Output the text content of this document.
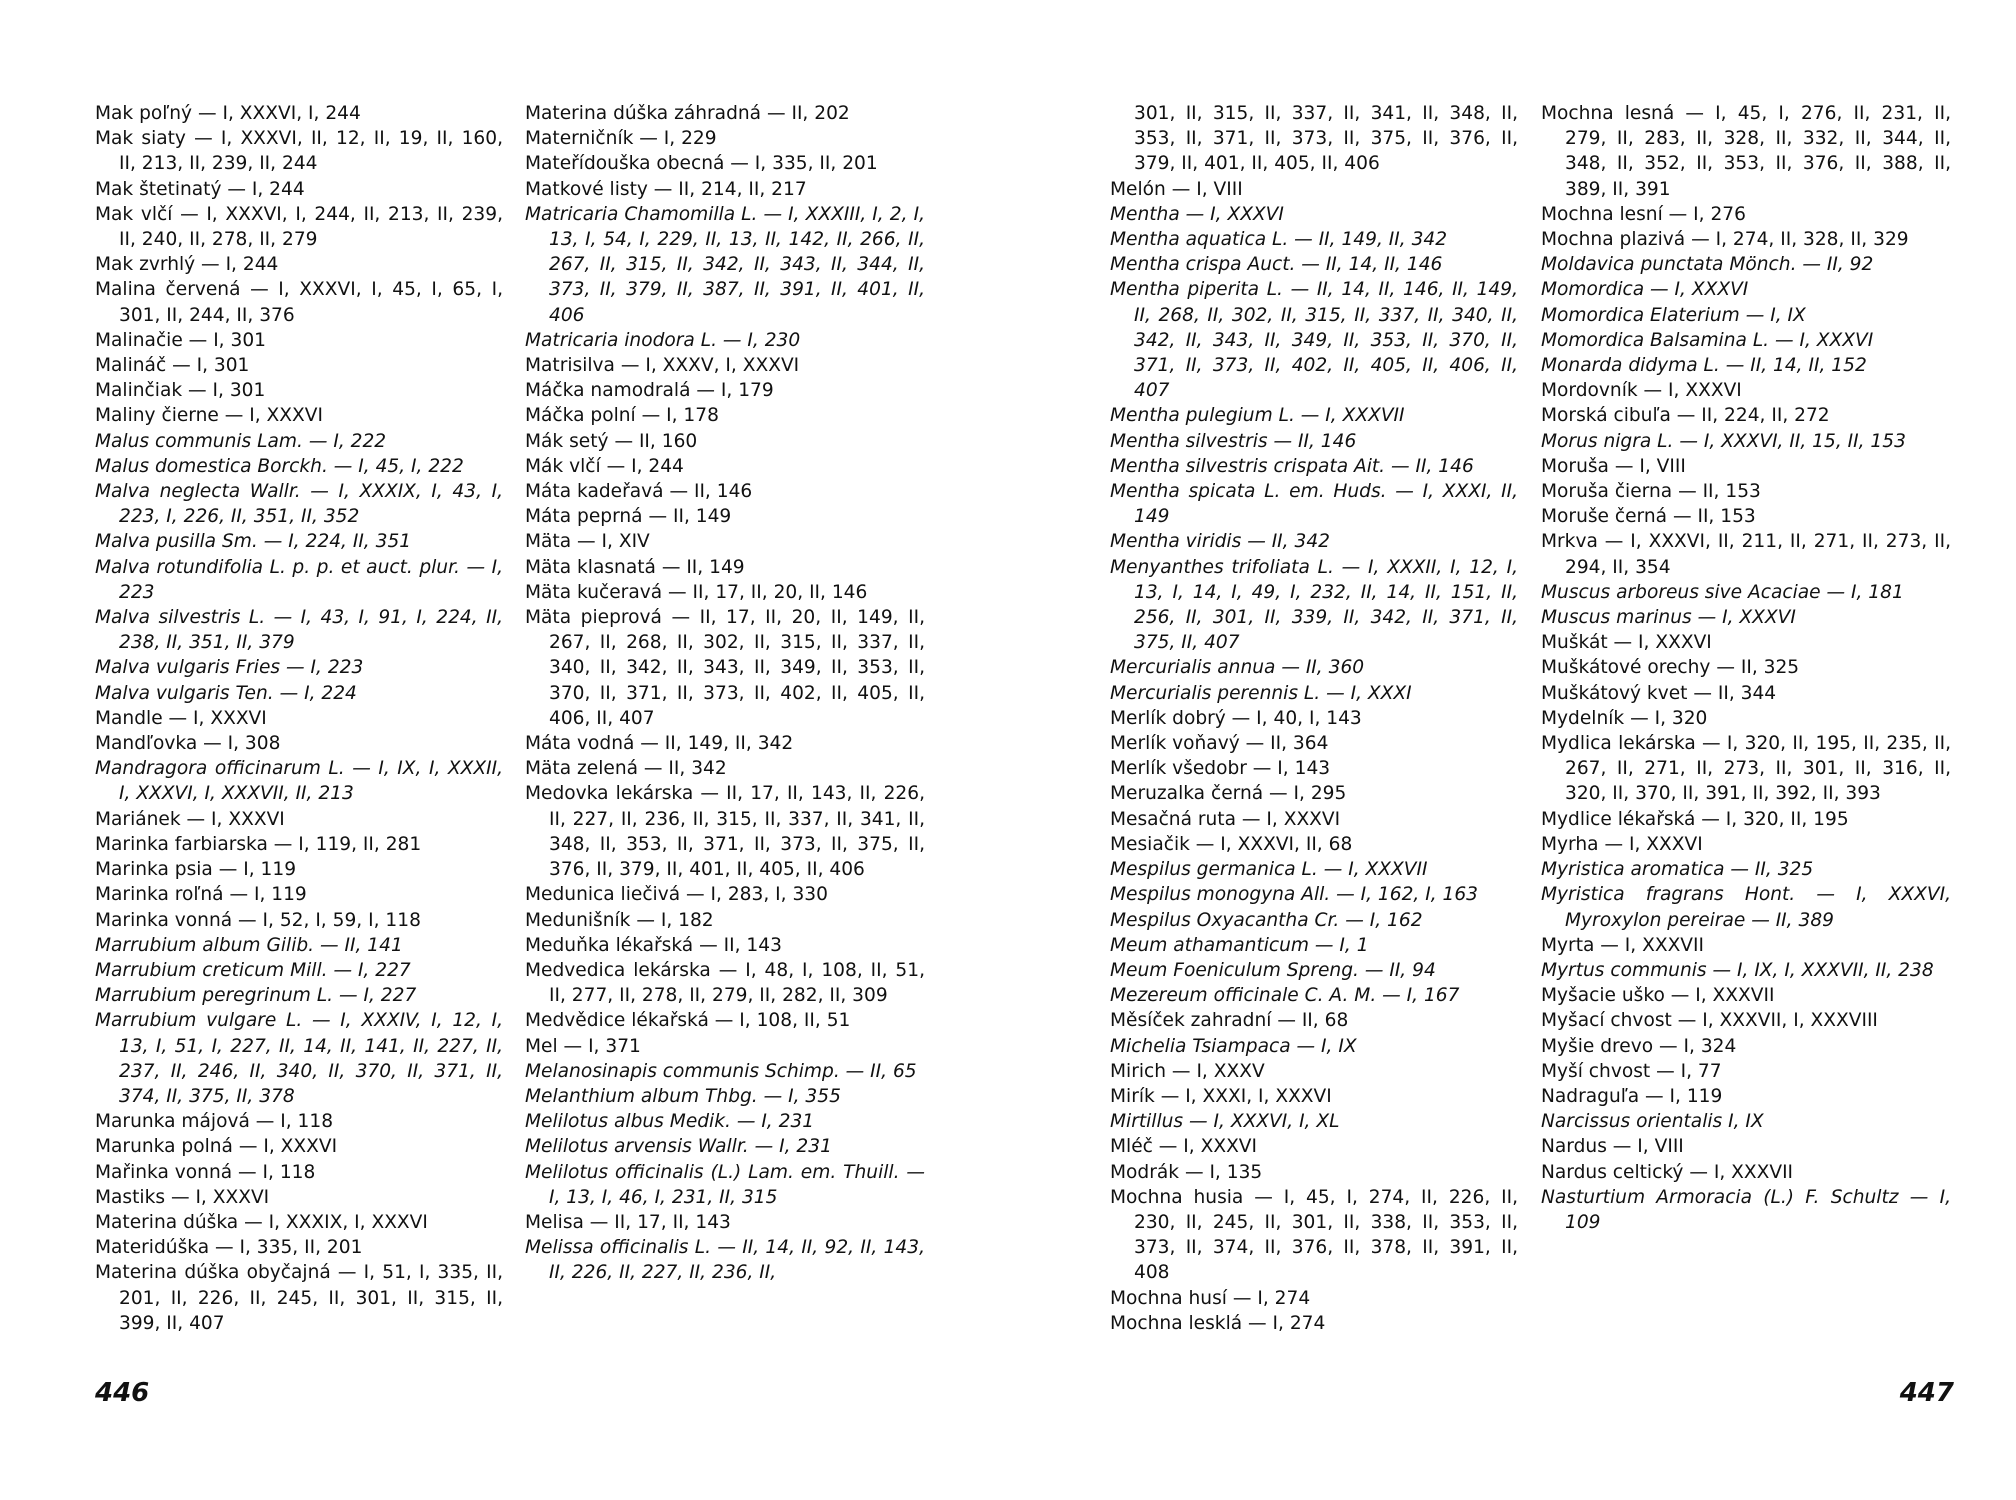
Mak poľný — I, XXXVI, I, 244

Mak siaty — I, XXXVI, II, 12, II, 19, II, 160, II, 213, II, 239, II, 244

Mak štetinatý — I, 244

Mak vlčí — I, XXXVI, I, 244, II, 213, II, 239, II, 240, II, 278, II, 279

Mak zvrhlý — I, 244

Malina červená — I, XXXVI, I, 45, I, 65, I, 301, II, 244, II, 376

Malinačie — I, 301

Malináč — I, 301

Malinčiak — I, 301

Maliny čierne — I, XXXVI

Malus communis Lam. — I, 222

Malus domestica Borckh. — I, 45, I, 222

Malva neglecta Wallr. — I, XXXIX, I, 43, I, 223, I, 226, II, 351, II, 352

Malva pusilla Sm. — I, 224, II, 351

Malva rotundifolia L. p. p. et auct. plur. — I, 223

Malva silvestris L. — I, 43, I, 91, I, 224, II, 238, II, 351, II, 379

Malva vulgaris Fries — I, 223

Malva vulgaris Ten. — I, 224

Mandle — I, XXXVI

Mandľovka — I, 308

Mandragora officinarum L. — I, IX, I, XXXII, I, XXXVI, I, XXXVII, II, 213

Mariánek — I, XXXVI

Marinka farbiarska — I, 119, II, 281

Marinka psia — I, 119

Marinka roľná — I, 119

Marinka vonná — I, 52, I, 59, I, 118

Marrubium album Gilib. — II, 141

Marrubium creticum Mill. — I, 227

Marrubium peregrinum L. — I, 227

Marrubium vulgare L. — I, XXXIV, I, 12, I, 13, I, 51, I, 227, II, 14, II, 141, II, 227, II, 237, II, 246, II, 340, II, 370, II, 371, II, 374, II, 375, II, 378

Marunka májová — I, 118

Marunka polná — I, XXXVI

Mařinka vonná — I, 118

Mastiks — I, XXXVI

Materina dúška — I, XXXIX, I, XXXVI

Materidúška — I, 335, II, 201

Materina dúška obyčajná — I, 51, I, 335, II, 201, II, 226, II, 245, II, 301, II, 315, II, 399, II, 407

Materina dúška záhradná — II, 202

Materničník — I, 229

Mateřídouška obecná — I, 335, II, 201

Matkové listy — II, 214, II, 217

Matricaria Chamomilla L. — I, XXXIII, I, 2, I, 13, I, 54, I, 229, II, 13, II, 142, II, 266, II, 267, II, 315, II, 342, II, 343, II, 344, II, 373, II, 379, II, 387, II, 391, II, 401, II, 406

Matricaria inodora L. — I, 230

Matrisilva — I, XXXV, I, XXXVI

Máčka namodralá — I, 179

Máčka polní — I, 178

Mák setý — II, 160

Mák vlčí — I, 244

Máta kadeřavá — II, 146

Máta peprná — II, 149

Mäta — I, XIV

Mäta klasnatá — II, 149

Mäta kučeravá — II, 17, II, 20, II, 146

Mäta pieprová — II, 17, II, 20, II, 149, II, 267, II, 268, II, 302, II, 315, II, 337, II, 340, II, 342, II, 343, II, 349, II, 353, II, 370, II, 371, II, 373, II, 402, II, 405, II, 406, II, 407

Máta vodná — II, 149, II, 342

Mäta zelená — II, 342

Medovka lekárska — II, 17, II, 143, II, 226, II, 227, II, 236, II, 315, II, 337, II, 341, II, 348, II, 353, II, 371, II, 373, II, 375, II, 376, II, 379, II, 401, II, 405, II, 406

Medunica liečivá — I, 283, I, 330

Medunišník — I, 182

Meduňka lékařská — II, 143

Medvedica lekárska — I, 48, I, 108, II, 51, II, 277, II, 278, II, 279, II, 282, II, 309

Medvědice lékařská — I, 108, II, 51

Mel — I, 371

Melanosinapis communis Schimp. — II, 65

Melanthium album Thbg. — I, 355

Melilotus albus Medik. — I, 231

Melilotus arvensis Wallr. — I, 231

Melilotus officinalis (L.) Lam. em. Thuill. — I, 13, I, 46, I, 231, II, 315

Melisa — II, 17, II, 143

Melissa officinalis L. — II, 14, II, 92, II, 143, II, 226, II, 227, II, 236, II,

446

301, II, 315, II, 337, II, 341, II, 348, II, 353, II, 371, II, 373, II, 375, II, 376, II, 379, II, 401, II, 405, II, 406

Melón — I, VIII

Mentha — I, XXXVI

Mentha aquatica L. — II, 149, II, 342

Mentha crispa Auct. — II, 14, II, 146

Mentha piperita L. — II, 14, II, 146, II, 149, II, 268, II, 302, II, 315, II, 337, II, 340, II, 342, II, 343, II, 349, II, 353, II, 370, II, 371, II, 373, II, 402, II, 405, II, 406, II, 407

Mentha pulegium L. — I, XXXVII

Mentha silvestris — II, 146

Mentha silvestris crispata Ait. — II, 146

Mentha spicata L. em. Huds. — I, XXXI, II, 149

Mentha viridis — II, 342

Menyanthes trifoliata L. — I, XXXII, I, 12, I, 13, I, 14, I, 49, I, 232, II, 14, II, 151, II, 256, II, 301, II, 339, II, 342, II, 371, II, 375, II, 407

Mercurialis annua — II, 360

Mercurialis perennis L. — I, XXXI

Merlík dobrý — I, 40, I, 143

Merlík voňavý — II, 364

Merlík všedobr — I, 143

Meruzalka černá — I, 295

Mesačná ruta — I, XXXVI

Mesiačik — I, XXXVI, II, 68

Mespilus germanica L. — I, XXXVII

Mespilus monogyna All. — I, 162, I, 163

Mespilus Oxyacantha Cr. — I, 162

Meum athamanticum — I, 1

Meum Foeniculum Spreng. — II, 94

Mezereum officinale C. A. M. — I, 167

Měsíček zahradní — II, 68

Michelia Tsiampaca — I, IX

Mirich — I, XXXV

Mirík — I, XXXI, I, XXXVI

Mirtillus — I, XXXVI, I, XL

Mléč — I, XXXVI

Modrák — I, 135

Mochna husia — I, 45, I, 274, II, 226, II, 230, II, 245, II, 301, II, 338, II, 353, II, 373, II, 374, II, 376, II, 378, II, 391, II, 408

Mochna husí — I, 274

Mochna lesklá — I, 274

Mochna lesná — I, 45, I, 276, II, 231, II, 279, II, 283, II, 328, II, 332, II, 344, II, 348, II, 352, II, 353, II, 376, II, 388, II, 389, II, 391

Mochna lesní — I, 276

Mochna plazivá — I, 274, II, 328, II, 329

Moldavica punctata Mönch. — II, 92

Momordica — I, XXXVI

Momordica Elaterium — I, IX

Momordica Balsamina L. — I, XXXVI

Monarda didyma L. — II, 14, II, 152

Mordovník — I, XXXVI

Morská cibuľa — II, 224, II, 272

Morus nigra L. — I, XXXVI, II, 15, II, 153

Moruša — I, VIII

Moruša čierna — II, 153

Moruše černá — II, 153

Mrkva — I, XXXVI, II, 211, II, 271, II, 273, II, 294, II, 354

Muscus arboreus sive Acaciae — I, 181

Muscus marinus — I, XXXVI

Muškát — I, XXXVI

Muškátové orechy — II, 325

Muškátový kvet — II, 344

Mydelník — I, 320

Mydlica lekárska — I, 320, II, 195, II, 235, II, 267, II, 271, II, 273, II, 301, II, 316, II, 320, II, 370, II, 391, II, 392, II, 393

Mydlice lékařská — I, 320, II, 195

Myrha — I, XXXVI

Myristica aromatica — II, 325

Myristica fragrans Hont. — I, XXXVI, Myroxylon pereirae — II, 389

Myrta — I, XXXVII

Myrtus communis — I, IX, I, XXXVII, II, 238

Myšacie uško — I, XXXVII

Myšací chvost — I, XXXVII, I, XXXVIII

Myšie drevo — I, 324

Myší chvost — I, 77

Nadraguľa — I, 119

Narcissus orientalis I, IX

Nardus — I, VIII

Nardus celtický — I, XXXVII

Nasturtium Armoracia (L.) F. Schultz — I, 109

447
